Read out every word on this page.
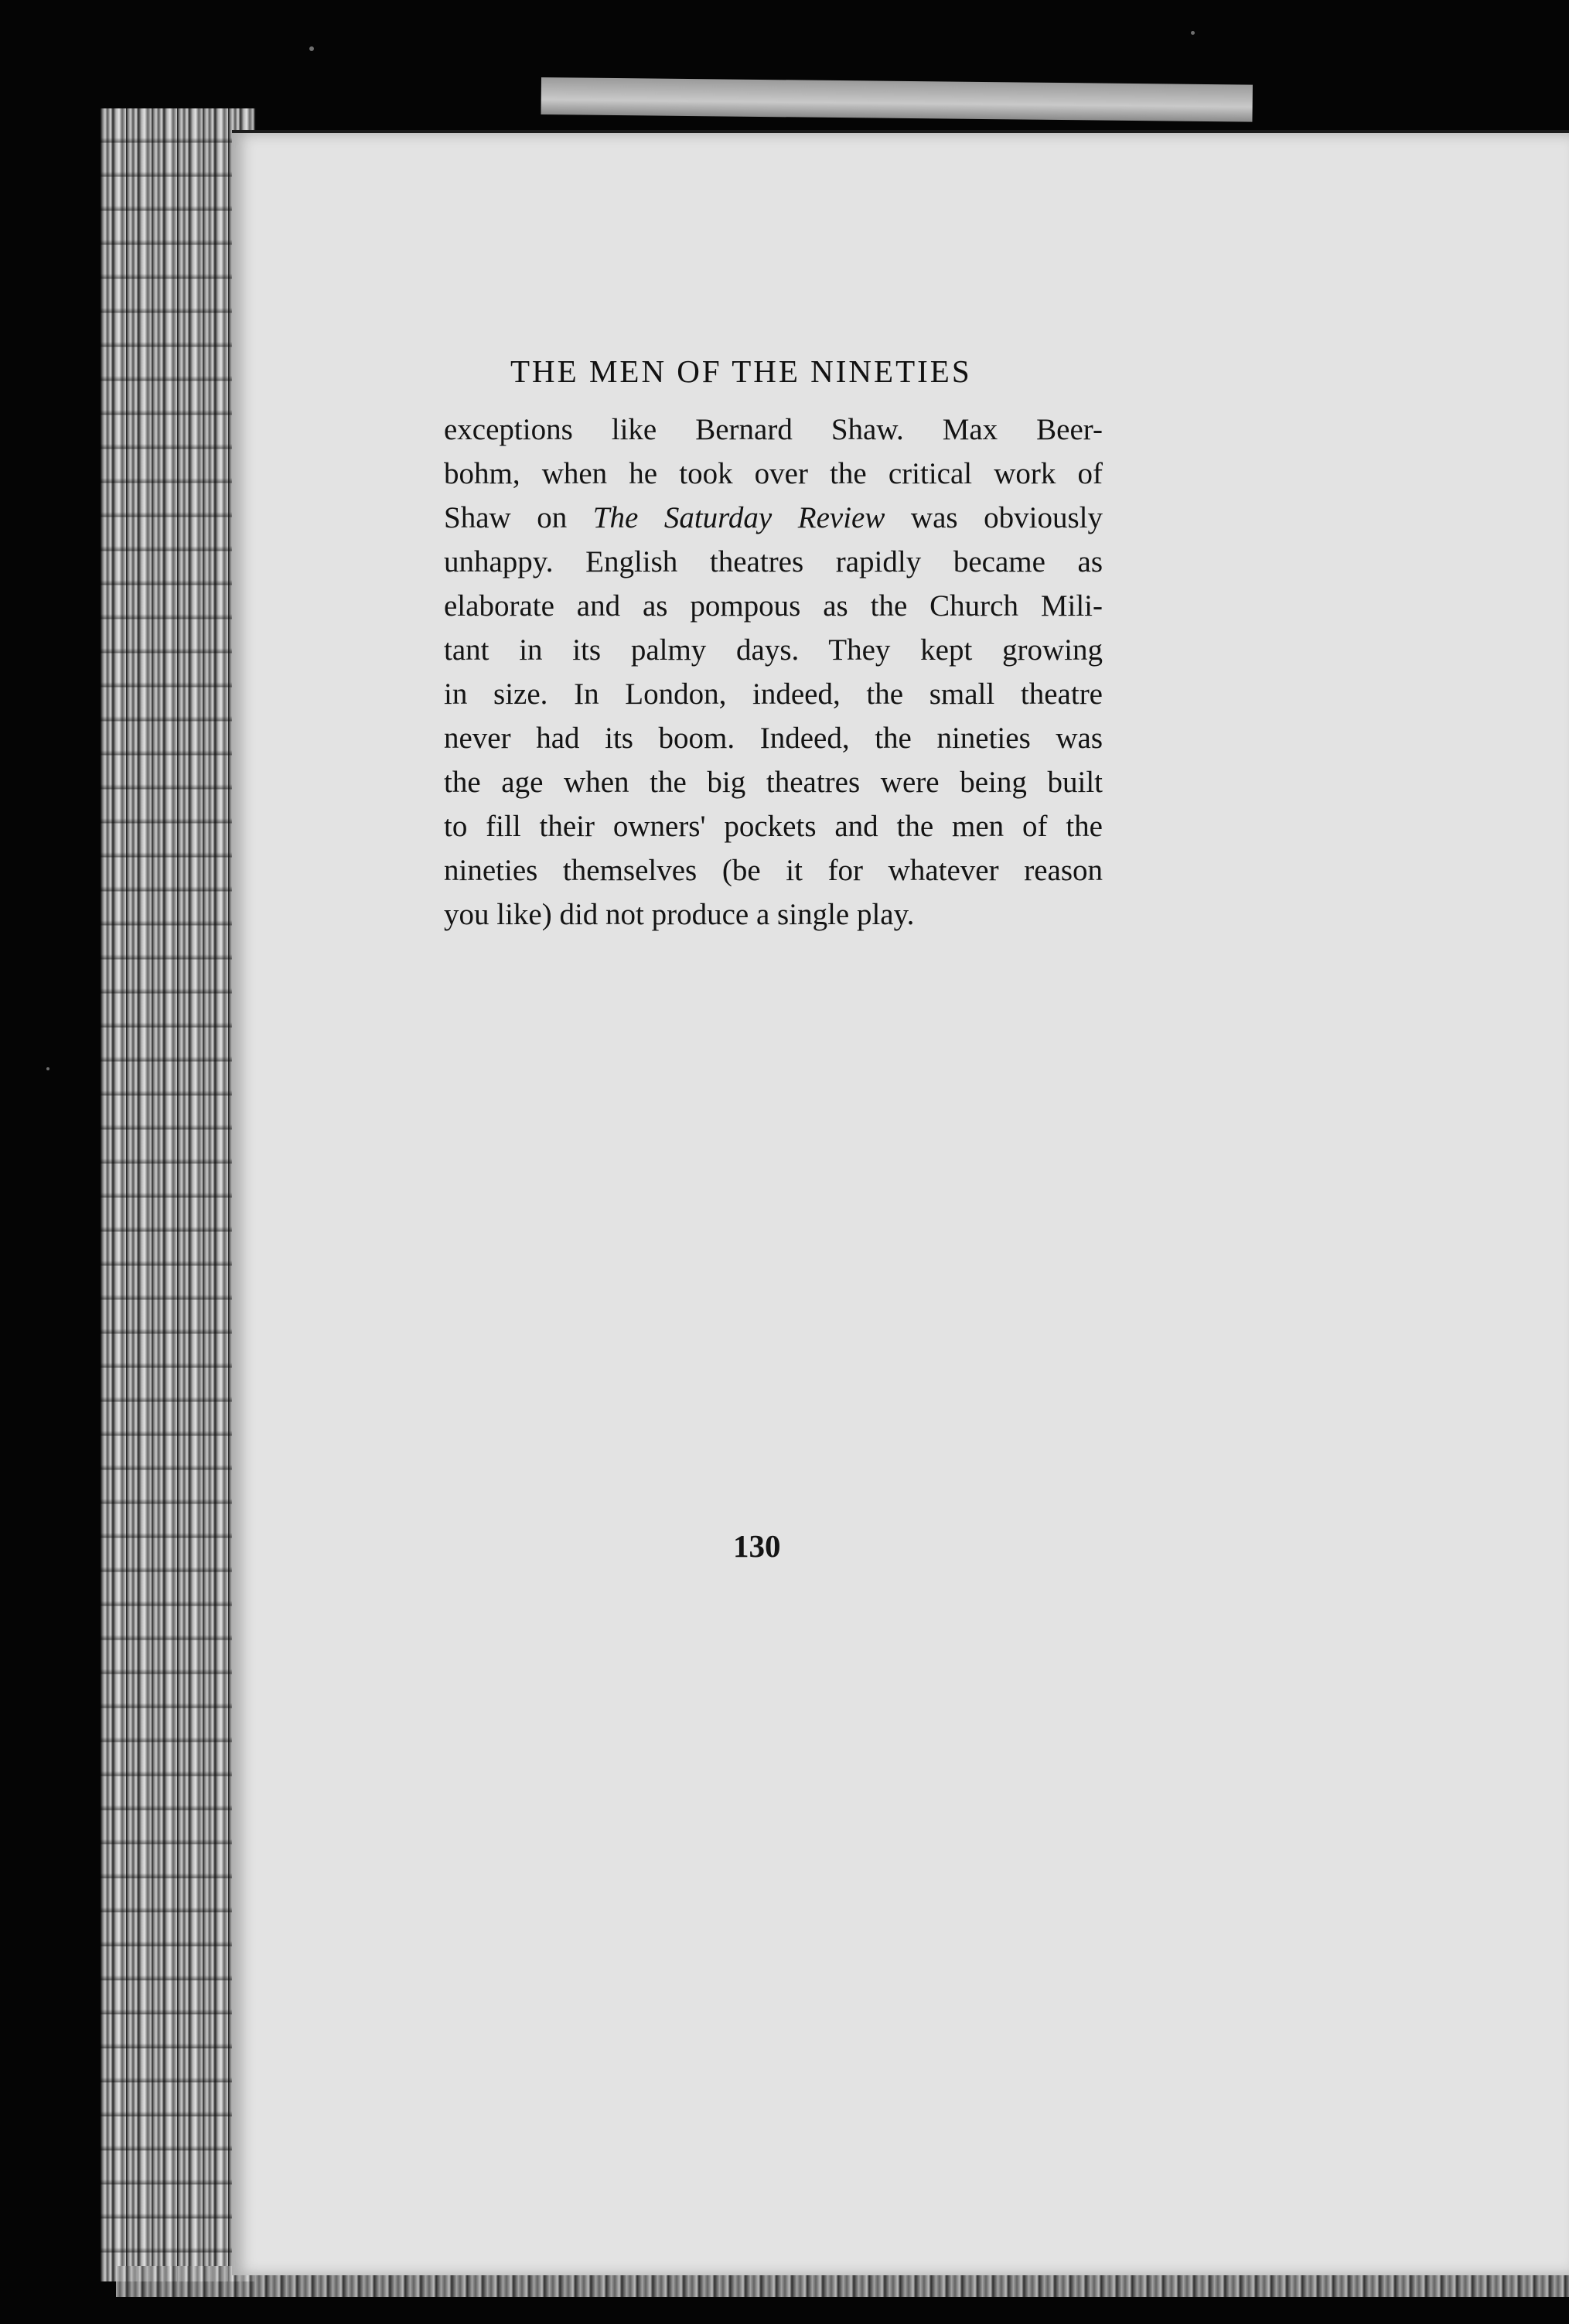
THE MEN OF THE NINETIES
exceptions like Bernard Shaw. Max Beer-
bohm, when he took over the critical work of
Shaw on The Saturday Review was obviously
unhappy. English theatres rapidly became as
elaborate and as pompous as the Church Mili-
tant in its palmy days. They kept growing
in size. In London, indeed, the small theatre
never had its boom. Indeed, the nineties was
the age when the big theatres were being built
to fill their owners' pockets and the men of the
nineties themselves (be it for whatever reason
you like) did not produce a single play.
130
